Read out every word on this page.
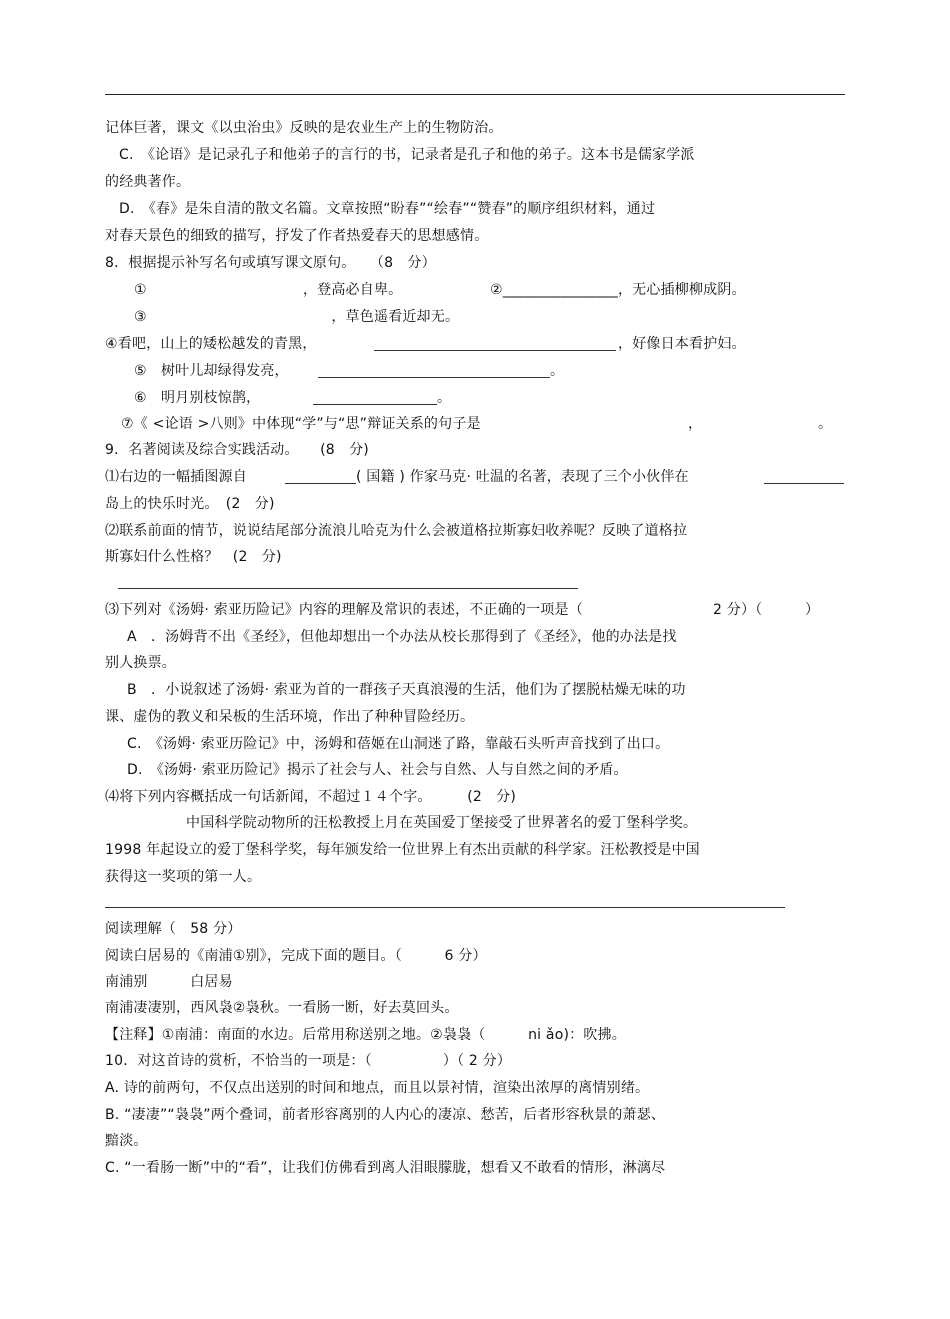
记体巨著，课文《以虫治虫》反映的是农业生产上的生物防治。
C.　《论语》是记录孔子和他弟子的言行的书，记录者是孔子和他的弟子。这本书是儒家学派
的经典著作。
D.　《春》是朱自清的散文名篇。文章按照“盼春”“绘春”“赞春”的顺序组织材料，通过
对春天景色的细致的描写，抒发了作者热爱春天的思想感情。
8．根据提示补写名句或填写课文原句。　　（8　分）
①　　　　　　　　　　　，登高必自卑。	②________________，无心插柳柳成阴。
③　　　　　　　　　　　　　，草色遥看近却无。
④看吧，山上的矮松越发的青黑，	，好像日本看护妇。
⑤　树叶儿却绿得发亮，	。
⑥　明月别枝惊鹊，	。
⑦《 <论语 >八则》中体现“学”与“思”辩证关系的句子是	，	。
9．名著阅读及综合实践活动。　　(8　分)
⑴右边的一幅插图源自	( 国籍 ) 作家马克· 吐温的名著，表现了三个小伙伴在
岛上的快乐时光。　(2　分)
⑵联系前面的情节，说说结尾部分流浪儿哈克为什么会被道格拉斯寡妇收养呢？反映了道格拉
斯寡妇什么性格？　(2　分)
⑶下列对《汤姆· 索亚历险记》内容的理解及常识的表述，不正确的一项是（	2 分）（　　　）
A　．汤姆背不出《圣经》，但他却想出一个办法从校长那得到了《圣经》，他的办法是找
别人换票。
B　．小说叙述了汤姆· 索亚为首的一群孩子天真浪漫的生活，他们为了摆脱枯燥无味的功
课、虚伪的教义和呆板的生活环境，作出了种种冒险经历。
C.　《汤姆· 索亚历险记》中，汤姆和蓓姬在山洞迷了路，靠敲石头听声音找到了出口。
D.　《汤姆· 索亚历险记》揭示了社会与人、社会与自然、人与自然之间的矛盾。
⑷将下列内容概括成一句话新闻，不超过１４个字。　　　(2　分)
中国科学院动物所的汪松教授上月在英国爱丁堡接受了世界著名的爱丁堡科学奖。
1998 年起设立的爱丁堡科学奖，每年颁发给一位世界上有杰出贡献的科学家。汪松教授是中国
获得这一奖项的第一人。
阅读理解（　58 分）
阅读白居易的《南浦①别》，完成下面的题目。（　　　6 分）
南浦别　　　白居易
南浦凄凄别，西风袅②袅秋。一看肠一断，好去莫回头。
【注释】①南浦：南面的水边。后常用称送别之地。②袅袅（　　　ni ǎo)：吹拂。
10．对这首诗的赏析，不恰当的一项是：（　　　　　）（ 2 分）
A. 诗的前两句，不仅点出送别的时间和地点，而且以景衬情，渲染出浓厚的离情别绪。
B. “凄凄”“袅袅”两个叠词，前者形容离别的人内心的凄凉、愁苦，后者形容秋景的萧瑟、
黯淡。
C. “一看肠一断”中的“看”，让我们仿佛看到离人泪眼朦胧，想看又不敢看的情形，淋漓尽
